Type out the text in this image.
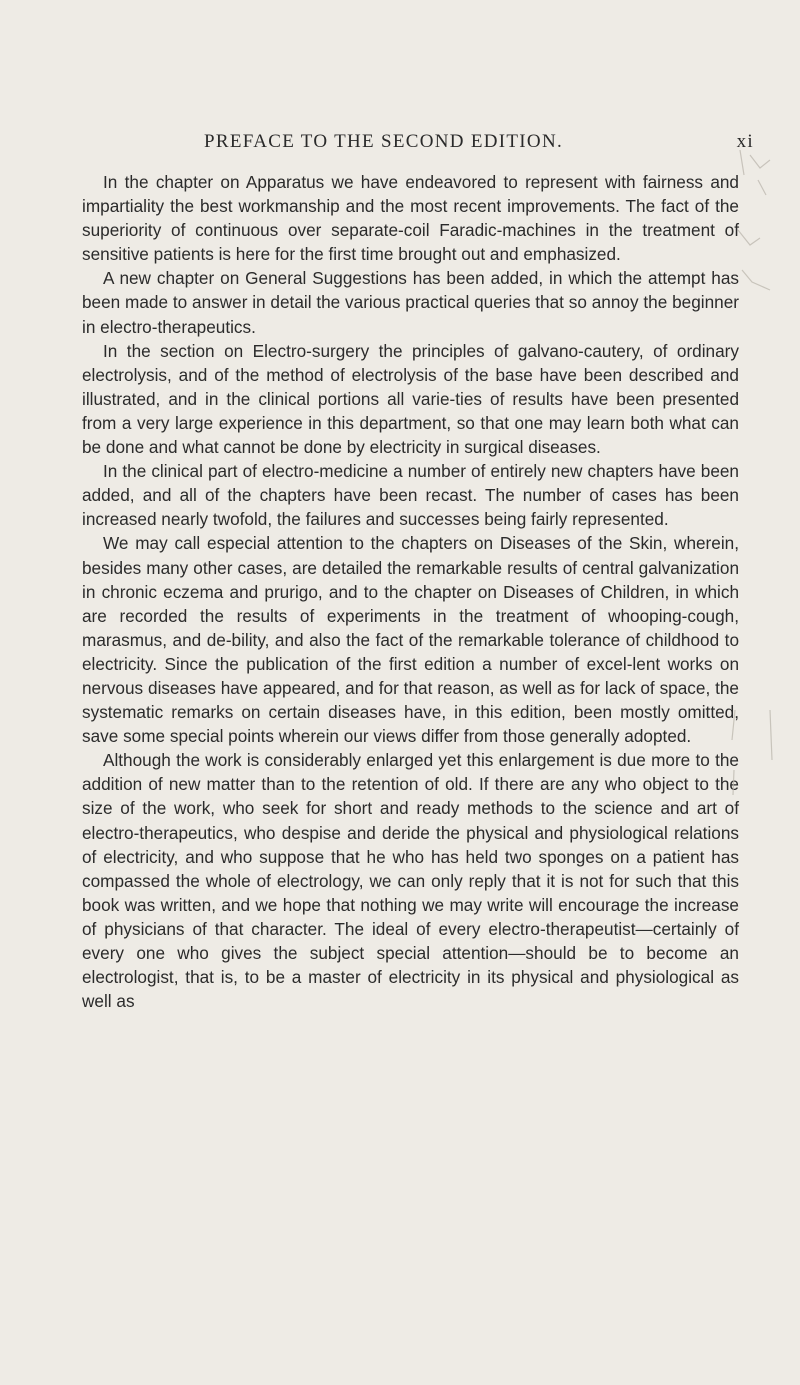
PREFACE TO THE SECOND EDITION.	xi

In the chapter on Apparatus we have endeavored to represent with fairness and impartiality the best workmanship and the most recent improvements. The fact of the superiority of continuous over separate-coil Faradic-machines in the treatment of sensitive patients is here for the first time brought out and emphasized.

A new chapter on General Suggestions has been added, in which the attempt has been made to answer in detail the various practical queries that so annoy the beginner in electro-therapeutics.

In the section on Electro-surgery the principles of galvano-cautery, of ordinary electrolysis, and of the method of electrolysis of the base have been described and illustrated, and in the clinical portions all varie-ties of results have been presented from a very large experience in this department, so that one may learn both what can be done and what cannot be done by electricity in surgical diseases.

In the clinical part of electro-medicine a number of entirely new chapters have been added, and all of the chapters have been recast. The number of cases has been increased nearly twofold, the failures and successes being fairly represented.

We may call especial attention to the chapters on Diseases of the Skin, wherein, besides many other cases, are detailed the remarkable results of central galvanization in chronic eczema and prurigo, and to the chapter on Diseases of Children, in which are recorded the results of experiments in the treatment of whooping-cough, marasmus, and de-bility, and also the fact of the remarkable tolerance of childhood to electricity. Since the publication of the first edition a number of excel-lent works on nervous diseases have appeared, and for that reason, as well as for lack of space, the systematic remarks on certain diseases have, in this edition, been mostly omitted, save some special points wherein our views differ from those generally adopted.

Although the work is considerably enlarged yet this enlargement is due more to the addition of new matter than to the retention of old. If there are any who object to the size of the work, who seek for short and ready methods to the science and art of electro-therapeutics, who despise and deride the physical and physiological relations of electricity, and who suppose that he who has held two sponges on a patient has compassed the whole of electrology, we can only reply that it is not for such that this book was written, and we hope that nothing we may write will encourage the increase of physicians of that character. The ideal of every electro-therapeutist—certainly of every one who gives the subject special attention—should be to become an electrologist, that is, to be a master of electricity in its physical and physiological as well as
